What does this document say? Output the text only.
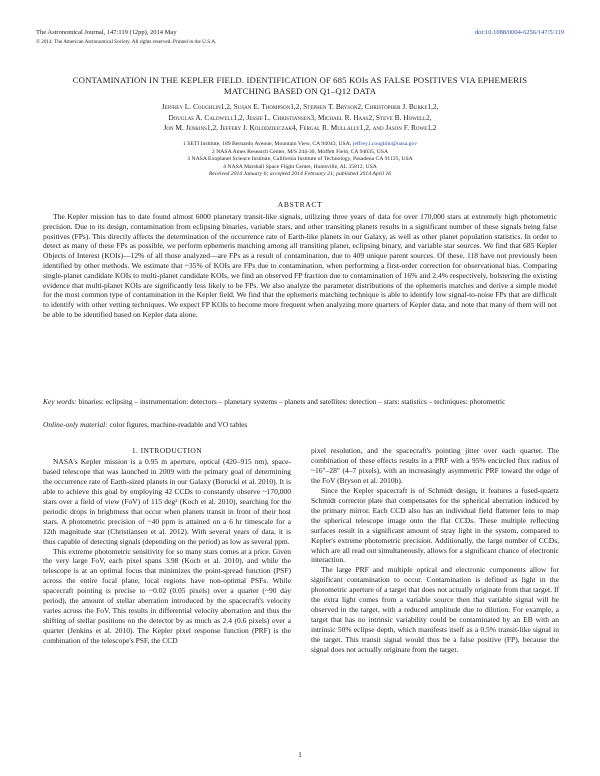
The Astronomical Journal, 147:119 (12pp), 2014 May	doi:10.1088/0004-6256/147/5/119
© 2014. The American Astronomical Society. All rights reserved. Printed in the U.S.A.
CONTAMINATION IN THE KEPLER FIELD. IDENTIFICATION OF 685 KOIs AS FALSE POSITIVES VIA EPHEMERIS MATCHING BASED ON Q1–Q12 DATA
Jeffrey L. Coughlin1,2, Susan E. Thompson1,2, Stephen T. Bryson2, Christopher J. Burke1,2,
Douglas A. Caldwell1,2, Jessie L. Christiansen3, Michael R. Haas2, Steve B. Howell2,
Jon M. Jenkins1,2, Jeffery J. Kolodziejczak4, Fergal R. Mullally1,2, and Jason F. Rowe1,2
1 SETI Institute, 189 Bernardo Avenue, Mountain View, CA 94043, USA; jeffrey.l.coughlin@nasa.gov
2 NASA Ames Research Center, M/S 244-30, Moffett Field, CA 94035, USA
3 NASA Exoplanet Science Institute, California Institute of Technology, Pasadena CA 91125, USA
4 NASA Marshall Space Flight Center, Huntsville, AL 35812, USA
Received 2014 January 6; accepted 2014 February 21; published 2014 April 16
ABSTRACT
The Kepler mission has to date found almost 6000 planetary transit-like signals, utilizing three years of data for over 170,000 stars at extremely high photometric precision. Due to its design, contamination from eclipsing binaries, variable stars, and other transiting planets results in a significant number of these signals being false positives (FPs). This directly affects the determination of the occurrence rate of Earth-like planets in our Galaxy, as well as other planet population statistics. In order to detect as many of these FPs as possible, we perform ephemeris matching among all transiting planet, eclipsing binary, and variable star sources. We find that 685 Kepler Objects of Interest (KOIs)—12% of all those analyzed—are FPs as a result of contamination, due to 409 unique parent sources. Of these, 118 have not previously been identified by other methods. We estimate that ~35% of KOIs are FPs due to contamination, when performing a first-order correction for observational bias. Comparing single-planet candidate KOIs to multi-planet candidate KOIs, we find an observed FP fraction due to contamination of 16% and 2.4% respectively, bolstering the existing evidence that multi-planet KOIs are significantly less likely to be FPs. We also analyze the parameter distributions of the ephemeris matches and derive a simple model for the most common type of contamination in the Kepler field. We find that the ephemeris matching technique is able to identify low signal-to-noise FPs that are difficult to identify with other vetting techniques. We expect FP KOIs to become more frequent when analyzing more quarters of Kepler data, and note that many of them will not be able to be identified based on Kepler data alone.
Key words: binaries: eclipsing – instrumentation: detectors – planetary systems – planets and satellites: detection – stars: statistics – techniques: photometric
Online-only material: color figures, machine-readable and VO tables
1. INTRODUCTION

NASA's Kepler mission is a 0.95 m aperture, optical (420–915 nm), space-based telescope that was launched in 2009 with the primary goal of determining the occurrence rate of Earth-sized planets in our Galaxy (Borucki et al. 2010). It is able to achieve this goal by employing 42 CCDs to constantly observe ~170,000 stars over a field of view (FoV) of 115 deg² (Koch et al. 2010), searching for the periodic drops in brightness that occur when planets transit in front of their host stars. A photometric precision of ~40 ppm is attained on a 6 hr timescale for a 12th magnitude star (Christiansen et al. 2012). With several years of data, it is thus capable of detecting signals (depending on the period) as low as several ppm.

This extreme photometric sensitivity for so many stars comes at a price. Given the very large FoV, each pixel spans 3.98 (Koch et al. 2010), and while the telescope is at an optimal focus that minimizes the point-spread function (PSF) across the entire focal plane, local regions have non-optimal PSFs. While spacecraft pointing is precise to ~0.02 (0.05 pixels) over a quarter (~90 day period), the amount of stellar aberration introduced by the spacecraft's velocity varies across the FoV. This results in differential velocity aberration and thus the shifting of stellar positions on the detector by as much as 2.4 (0.6 pixels) over a quarter (Jenkins et al. 2010). The Kepler pixel response function (PRF) is the combination of the telescope's PSF, the CCD

pixel resolution, and the spacecraft's pointing jitter over each quarter. The combination of these effects results in a PRF with a 95% encircled flux radius of ~16″–28″ (4–7 pixels), with an increasingly asymmetric PRF toward the edge of the FoV (Bryson et al. 2010b).

Since the Kepler spacecraft is of Schmidt design, it features a fused-quartz Schmidt corrector plate that compensates for the spherical aberration induced by the primary mirror. Each CCD also has an individual field flattener lens to map the spherical telescope image onto the flat CCDs. These multiple reflecting surfaces result in a significant amount of stray light in the system, compared to Kepler's extreme photometric precision. Additionally, the large number of CCDs, which are all read out simultaneously, allows for a significant chance of electronic interaction.

The large PRF and multiple optical and electronic components allow for significant contamination to occur. Contamination is defined as light in the photometric aperture of a target that does not actually originate from that target. If the extra light comes from a variable source then that variable signal will be observed in the target, with a reduced amplitude due to dilution. For example, a target that has no intrinsic variability could be contaminated by an EB with an intrinsic 50% eclipse depth, which manifests itself as a 0.5% transit-like signal in the target. This transit signal would thus be a false positive (FP), because the signal does not actually originate from the target.

1
